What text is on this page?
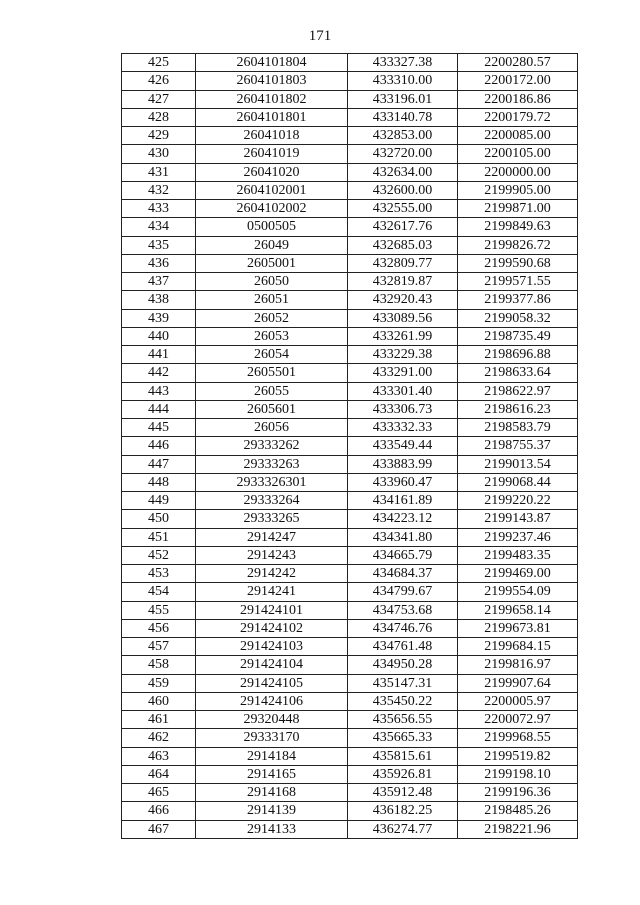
171
425	2604101804	433327.38	2200280.57
426	2604101803	433310.00	2200172.00
427	2604101802	433196.01	2200186.86
428	2604101801	433140.78	2200179.72
429	26041018	432853.00	2200085.00
430	26041019	432720.00	2200105.00
431	26041020	432634.00	2200000.00
432	2604102001	432600.00	2199905.00
433	2604102002	432555.00	2199871.00
434	0500505	432617.76	2199849.63
435	26049	432685.03	2199826.72
436	2605001	432809.77	2199590.68
437	26050	432819.87	2199571.55
438	26051	432920.43	2199377.86
439	26052	433089.56	2199058.32
440	26053	433261.99	2198735.49
441	26054	433229.38	2198696.88
442	2605501	433291.00	2198633.64
443	26055	433301.40	2198622.97
444	2605601	433306.73	2198616.23
445	26056	433332.33	2198583.79
446	29333262	433549.44	2198755.37
447	29333263	433883.99	2199013.54
448	2933326301	433960.47	2199068.44
449	29333264	434161.89	2199220.22
450	29333265	434223.12	2199143.87
451	2914247	434341.80	2199237.46
452	2914243	434665.79	2199483.35
453	2914242	434684.37	2199469.00
454	2914241	434799.67	2199554.09
455	291424101	434753.68	2199658.14
456	291424102	434746.76	2199673.81
457	291424103	434761.48	2199684.15
458	291424104	434950.28	2199816.97
459	291424105	435147.31	2199907.64
460	291424106	435450.22	2200005.97
461	29320448	435656.55	2200072.97
462	29333170	435665.33	2199968.55
463	2914184	435815.61	2199519.82
464	2914165	435926.81	2199198.10
465	2914168	435912.48	2199196.36
466	2914139	436182.25	2198485.26
467	2914133	436274.77	2198221.96
